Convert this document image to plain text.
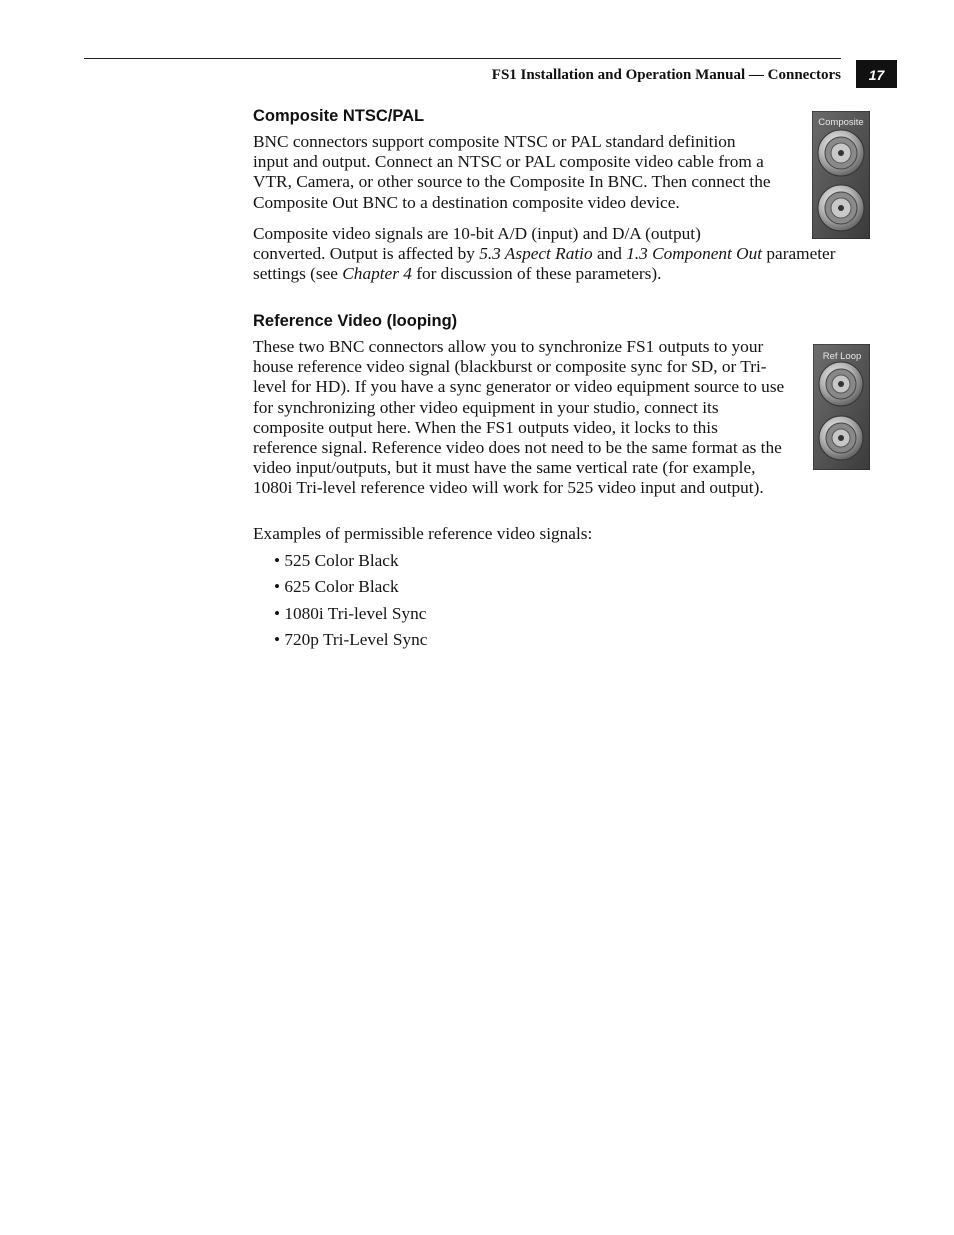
FS1 Installation and Operation Manual — Connectors	17
Composite NTSC/PAL
BNC connectors support composite NTSC or PAL standard definition
input and output. Connect an NTSC or PAL composite video cable from a
VTR, Camera, or other source to the Composite In BNC. Then connect the
Composite Out BNC to a destination composite video device.
Composite video signals are 10-bit A/D (input) and D/A (output)
converted. Output is affected by 5.3 Aspect Ratio and 1.3 Component Out parameter
settings (see Chapter 4 for discussion of these parameters).
Composite
Reference Video (looping)
These two BNC connectors allow you to synchronize FS1 outputs to your
house reference video signal (blackburst or composite sync for SD, or Tri-
level for HD). If you have a sync generator or video equipment source to use
for synchronizing other video equipment in your studio, connect its
composite output here. When the FS1 outputs video, it locks to this
reference signal. Reference video does not need to be the same format as the
video input/outputs, but it must have the same vertical rate (for example,
1080i Tri-level reference video will work for 525 video input and output).
Examples of permissible reference video signals:
• 525 Color Black
• 625 Color Black
• 1080i Tri-level Sync
• 720p Tri-Level Sync
Ref Loop
